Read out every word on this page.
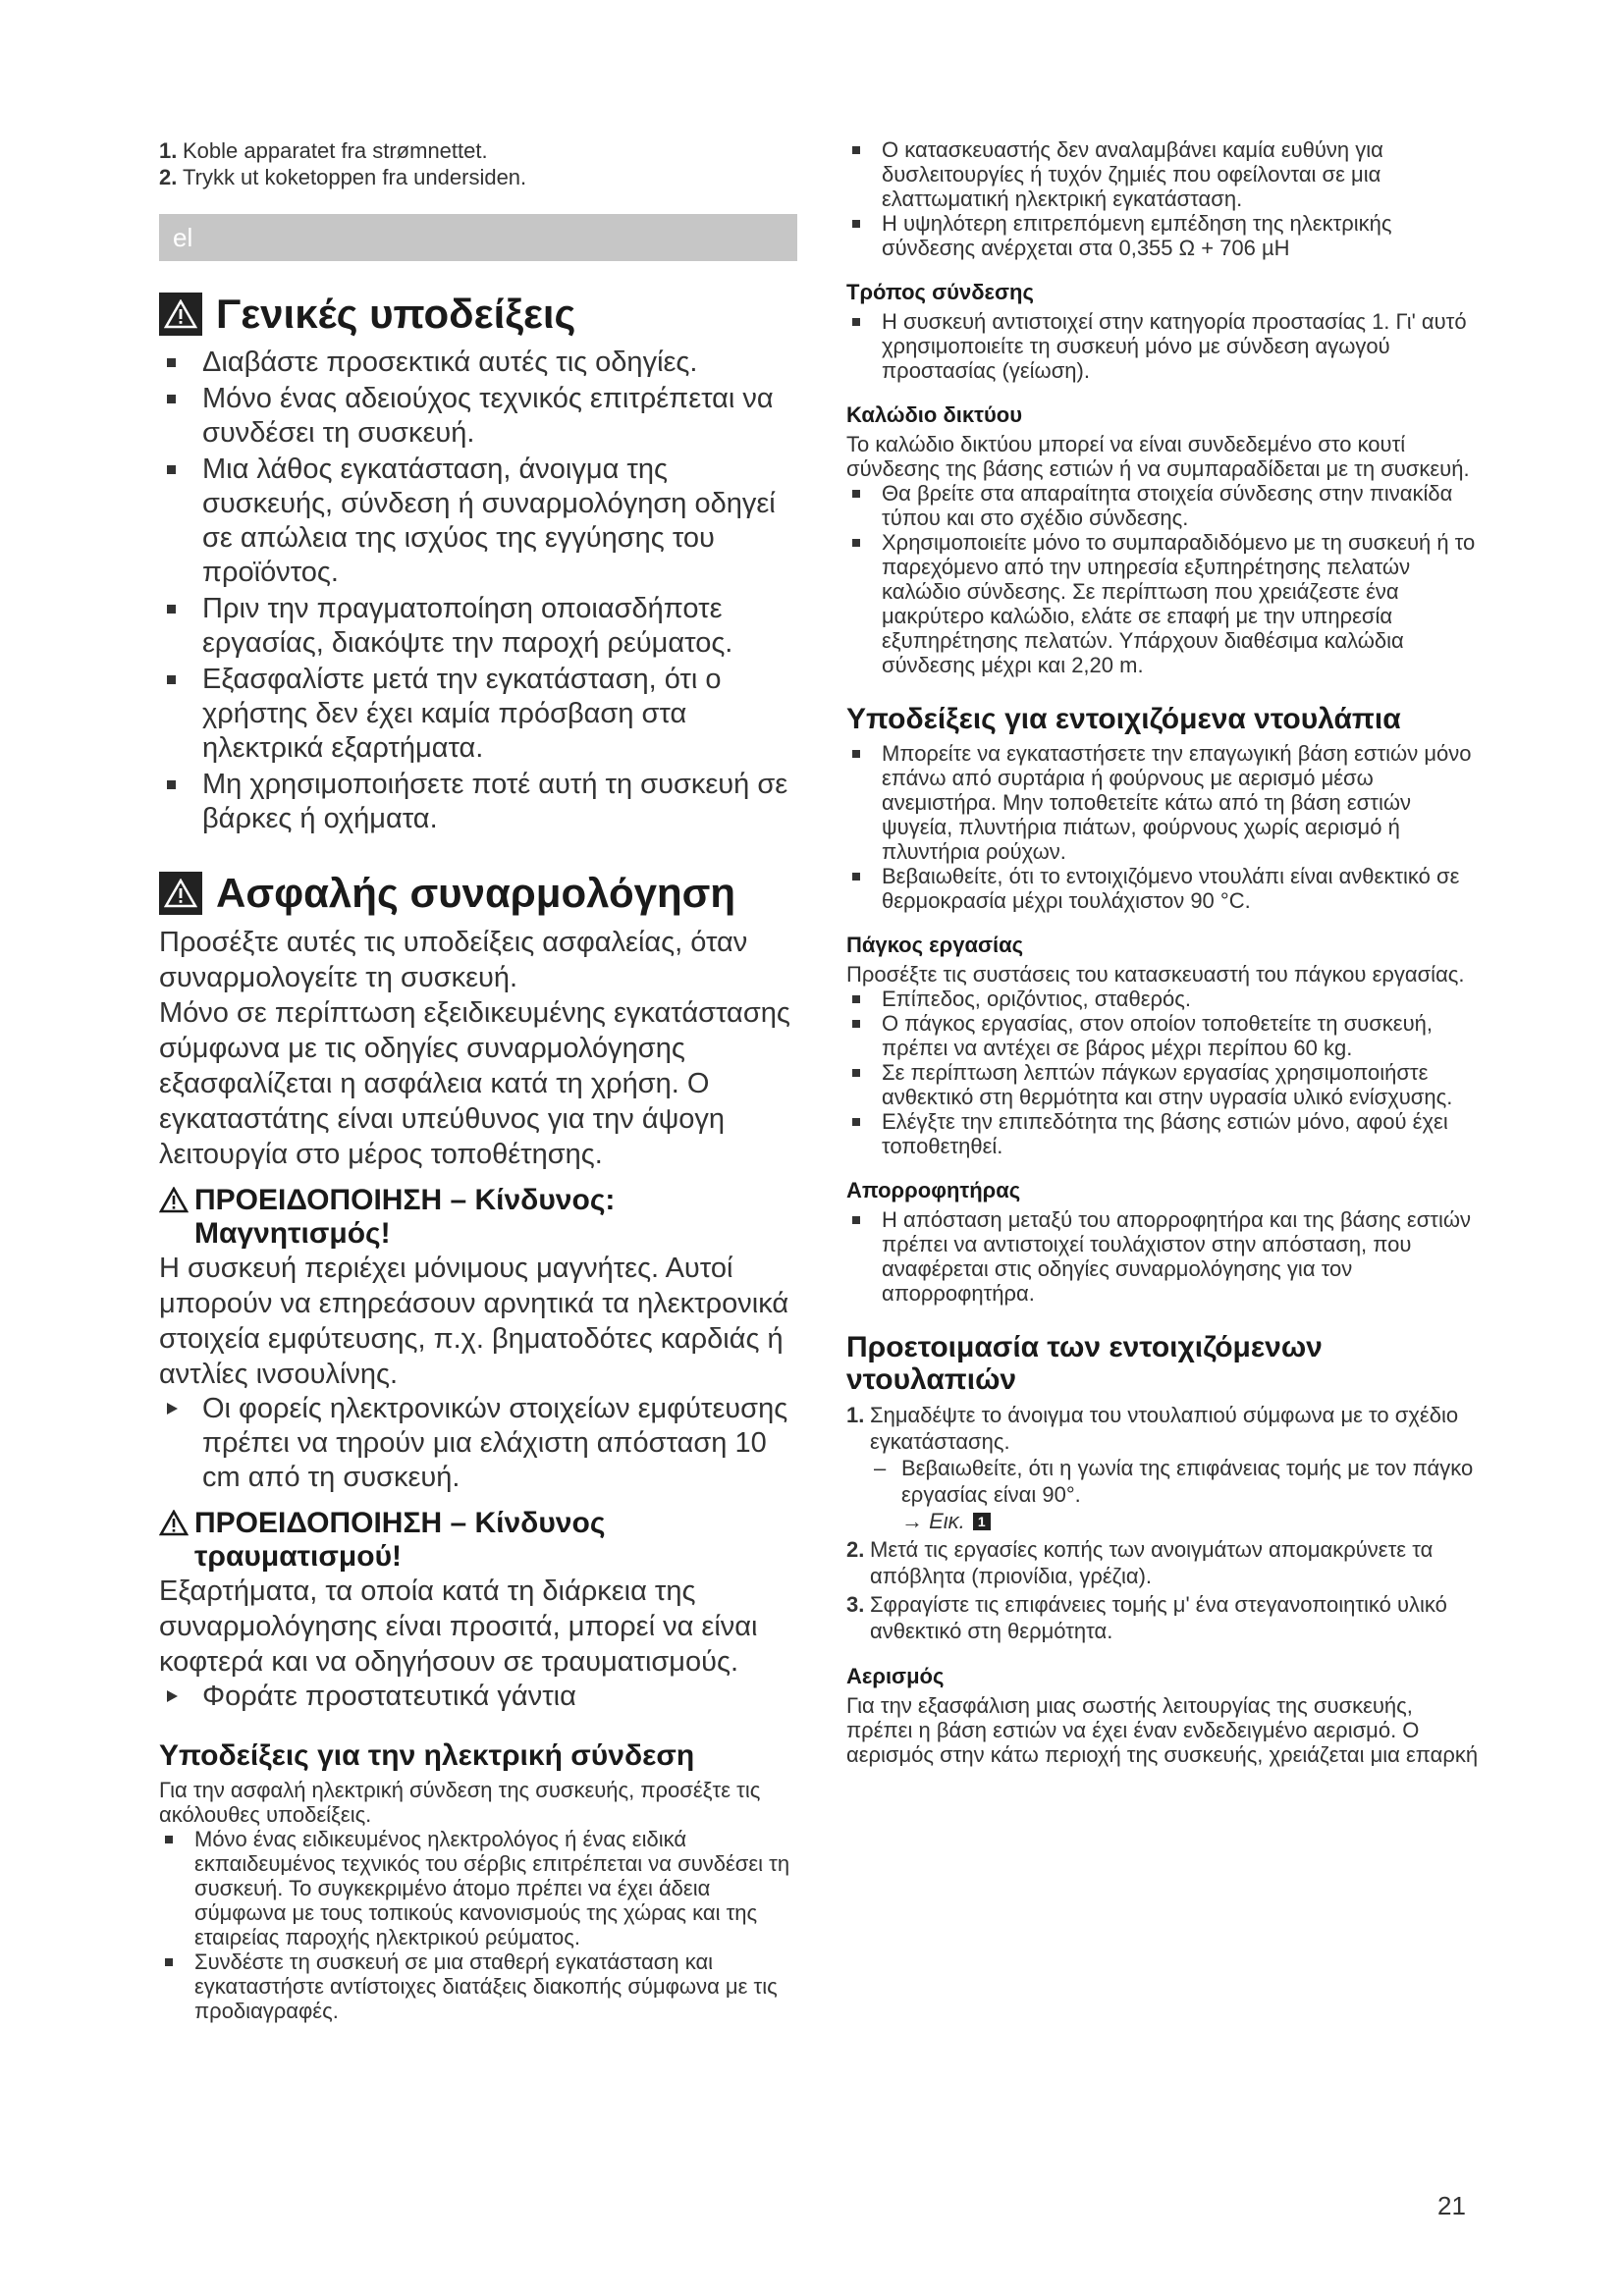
1. Koble apparatet fra strømnettet.
2. Trykk ut koketoppen fra undersiden.
el
Γενικές υποδείξεις
Διαβάστε προσεκτικά αυτές τις οδηγίες.
Μόνο ένας αδειούχος τεχνικός επιτρέπεται να συνδέσει τη συσκευή.
Μια λάθος εγκατάσταση, άνοιγμα της συσκευής, σύνδεση ή συναρμολόγηση οδηγεί σε απώλεια της ισχύος της εγγύησης του προϊόντος.
Πριν την πραγματοποίηση οποιασδήποτε εργασίας, διακόψτε την παροχή ρεύματος.
Εξασφαλίστε μετά την εγκατάσταση, ότι ο χρήστης δεν έχει καμία πρόσβαση στα ηλεκτρικά εξαρτήματα.
Μη χρησιμοποιήσετε ποτέ αυτή τη συσκευή σε βάρκες ή οχήματα.
Ασφαλής συναρμολόγηση

Προσέξτε αυτές τις υποδείξεις ασφαλείας, όταν συναρμολογείτε τη συσκευή.

Μόνο σε περίπτωση εξειδικευμένης εγκατάστασης σύμφωνα με τις οδηγίες συναρμολόγησης εξασφαλίζεται η ασφάλεια κατά τη χρήση. Ο εγκαταστάτης είναι υπεύθυνος για την άψογη λειτουργία στο μέρος τοποθέτησης.

ΠΡΟΕΙΔΟΠΟΙΗΣΗ – Κίνδυνος: Μαγνητισμός!

Η συσκευή περιέχει μόνιμους μαγνήτες. Αυτοί μπορούν να επηρεάσουν αρνητικά τα ηλεκτρονικά στοιχεία εμφύτευσης, π.χ. βηματοδότες καρδιάς ή αντλίες ινσουλίνης.

Οι φορείς ηλεκτρονικών στοιχείων εμφύτευσης πρέπει να τηρούν μια ελάχιστη απόσταση 10 cm από τη συσκευή.
ΠΡΟΕΙΔΟΠΟΙΗΣΗ – Κίνδυνος τραυματισμού!

Εξαρτήματα, τα οποία κατά τη διάρκεια της συναρμολόγησης είναι προσιτά, μπορεί να είναι κοφτερά και να οδηγήσουν σε τραυματισμούς.

Φοράτε προστατευτικά γάντια
Υποδείξεις για την ηλεκτρική σύνδεση

Για την ασφαλή ηλεκτρική σύνδεση της συσκευής, προσέξτε τις ακόλουθες υποδείξεις.

Μόνο ένας ειδικευμένος ηλεκτρολόγος ή ένας ειδικά εκπαιδευμένος τεχνικός του σέρβις επιτρέπεται να συνδέσει τη συσκευή. Το συγκεκριμένο άτομο πρέπει να έχει άδεια σύμφωνα με τους τοπικούς κανονισμούς της χώρας και της εταιρείας παροχής ηλεκτρικού ρεύματος.
Συνδέστε τη συσκευή σε μια σταθερή εγκατάσταση και εγκαταστήστε αντίστοιχες διατάξεις διακοπής σύμφωνα με τις προδιαγραφές.
Ο κατασκευαστής δεν αναλαμβάνει καμία ευθύνη για δυσλειτουργίες ή τυχόν ζημιές που οφείλονται σε μια ελαττωματική ηλεκτρική εγκατάσταση.
Η υψηλότερη επιτρεπόμενη εμπέδηση της ηλεκτρικής σύνδεσης ανέρχεται στα 0,355 Ω + 706 µH
Τρόπος σύνδεσης
Η συσκευή αντιστοιχεί στην κατηγορία προστασίας 1. Γι' αυτό χρησιμοποιείτε τη συσκευή μόνο με σύνδεση αγωγού προστασίας (γείωση).
Καλώδιο δικτύου

Το καλώδιο δικτύου μπορεί να είναι συνδεδεμένο στο κουτί σύνδεσης της βάσης εστιών ή να συμπαραδίδεται με τη συσκευή.

Θα βρείτε στα απαραίτητα στοιχεία σύνδεσης στην πινακίδα τύπου και στο σχέδιο σύνδεσης.
Χρησιμοποιείτε μόνο το συμπαραδιδόμενο με τη συσκευή ή το παρεχόμενο από την υπηρεσία εξυπηρέτησης πελατών καλώδιο σύνδεσης. Σε περίπτωση που χρειάζεστε ένα μακρύτερο καλώδιο, ελάτε σε επαφή με την υπηρεσία εξυπηρέτησης πελατών. Υπάρχουν διαθέσιμα καλώδια σύνδεσης μέχρι και 2,20 m.
Υποδείξεις για εντοιχιζόμενα ντουλάπια
Μπορείτε να εγκαταστήσετε την επαγωγική βάση εστιών μόνο επάνω από συρτάρια ή φούρνους με αερισμό μέσω ανεμιστήρα. Μην τοποθετείτε κάτω από τη βάση εστιών ψυγεία, πλυντήρια πιάτων, φούρνους χωρίς αερισμό ή πλυντήρια ρούχων.
Βεβαιωθείτε, ότι το εντοιχιζόμενο ντουλάπι είναι ανθεκτικό σε θερμοκρασία μέχρι τουλάχιστον 90 °C.
Πάγκος εργασίας

Προσέξτε τις συστάσεις του κατασκευαστή του πάγκου εργασίας.

Επίπεδος, οριζόντιος, σταθερός.
Ο πάγκος εργασίας, στον οποίον τοποθετείτε τη συσκευή, πρέπει να αντέχει σε βάρος μέχρι περίπου 60 kg.
Σε περίπτωση λεπτών πάγκων εργασίας χρησιμοποιήστε ανθεκτικό στη θερμότητα και στην υγρασία υλικό ενίσχυσης.
Ελέγξτε την επιπεδότητα της βάσης εστιών μόνο, αφού έχει τοποθετηθεί.
Απορροφητήρας
Η απόσταση μεταξύ του απορροφητήρα και της βάσης εστιών πρέπει να αντιστοιχεί τουλάχιστον στην απόσταση, που αναφέρεται στις οδηγίες συναρμολόγησης για τον απορροφητήρα.
Προετοιμασία των εντοιχιζόμενων ντουλαπιών
1. Σημαδέψτε το άνοιγμα του ντουλαπιού σύμφωνα με το σχέδιο εγκατάστασης.
– Βεβαιωθείτε, ότι η γωνία της επιφάνειας τομής με τον πάγκο εργασίας είναι 90°.
→ Εικ. 1
2. Μετά τις εργασίες κοπής των ανοιγμάτων απομακρύνετε τα απόβλητα (πριονίδια, γρέζια).
3. Σφραγίστε τις επιφάνειες τομής μ' ένα στεγανοποιητικό υλικό ανθεκτικό στη θερμότητα.
Αερισμός

Για την εξασφάλιση μιας σωστής λειτουργίας της συσκευής, πρέπει η βάση εστιών να έχει έναν ενδεδειγμένο αερισμό. Ο αερισμός στην κάτω περιοχή της συσκευής, χρειάζεται μια επαρκή

21
